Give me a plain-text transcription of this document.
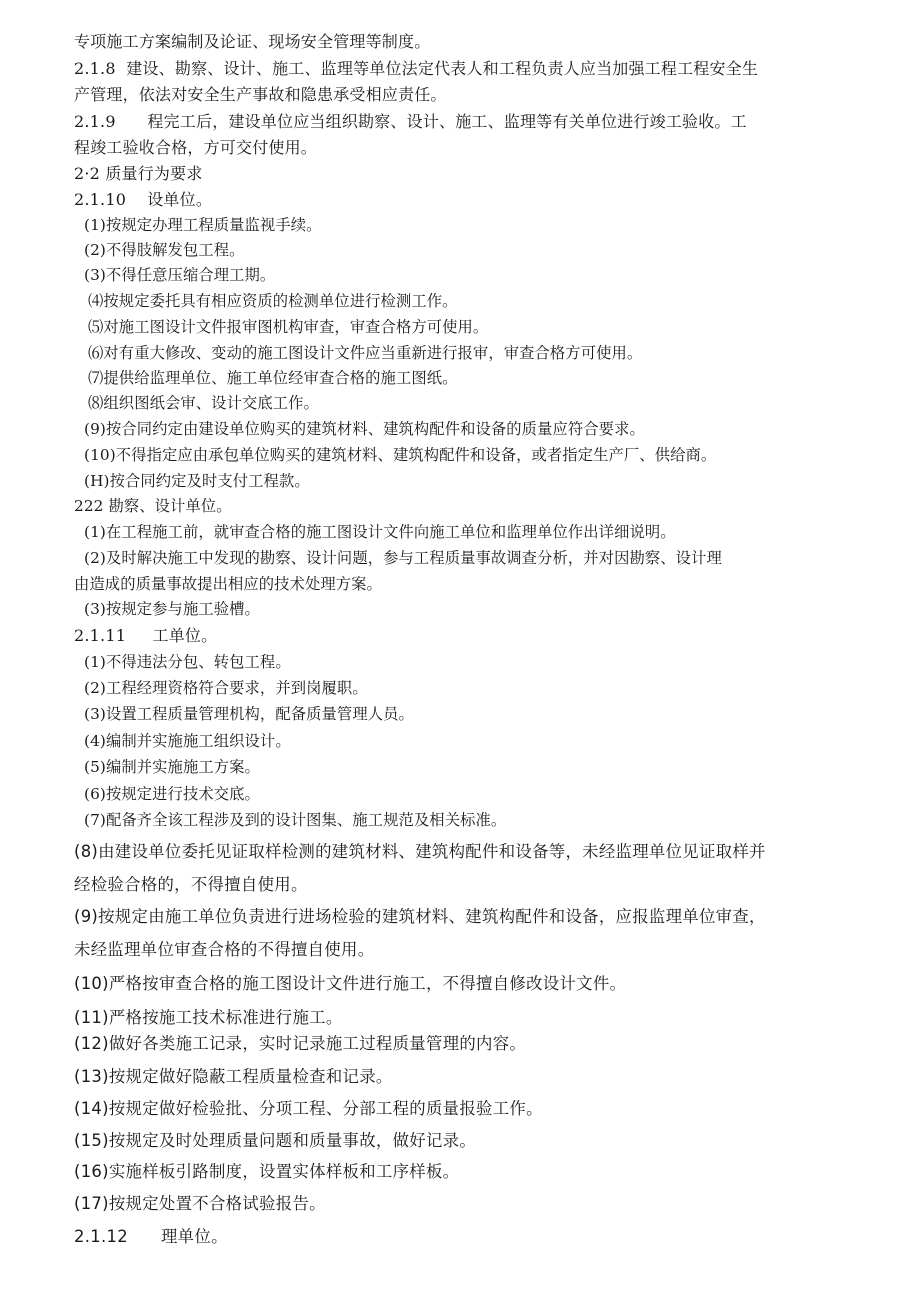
专项施工方案编制及论证、现场安全管理等制度。
2.1.8  建设、勘察、设计、施工、监理等单位法定代表人和工程负责人应当加强工程工程安全生
产管理，依法对安全生产事故和隐患承受相应责任。
2.1.9      程完工后，建设单位应当组织勘察、设计、施工、监理等有关单位进行竣工验收。工
程竣工验收合格，方可交付使用。
2·2 质量行为要求
2.1.10    设单位。
(1)按规定办理工程质量监视手续。
(2)不得肢解发包工程。
(3)不得任意压缩合理工期。
⑷按规定委托具有相应资质的检测单位进行检测工作。
⑸对施工图设计文件报审图机构审查，审查合格方可使用。
⑹对有重大修改、变动的施工图设计文件应当重新进行报审，审查合格方可使用。
⑺提供给监理单位、施工单位经审查合格的施工图纸。
⑻组织图纸会审、设计交底工作。
(9)按合同约定由建设单位购买的建筑材料、建筑构配件和设备的质量应符合要求。
(10)不得指定应由承包单位购买的建筑材料、建筑构配件和设备，或者指定生产厂、供给商。
(H)按合同约定及时支付工程款。
222 勘察、设计单位。
(1)在工程施工前，就审查合格的施工图设计文件向施工单位和监理单位作出详细说明。
(2)及时解决施工中发现的勘察、设计问题，参与工程质量事故调查分析，并对因勘察、设计理
由造成的质量事故提出相应的技术处理方案。
(3)按规定参与施工验槽。
2.1.11     工单位。
(1)不得违法分包、转包工程。
(2)工程经理资格符合要求，并到岗履职。
(3)设置工程质量管理机构，配备质量管理人员。
(4)编制并实施施工组织设计。
(5)编制并实施施工方案。
(6)按规定进行技术交底。
(7)配备齐全该工程涉及到的设计图集、施工规范及相关标准。
(8)由建设单位委托见证取样检测的建筑材料、建筑构配件和设备等，未经监理单位见证取样并
经检验合格的，不得擅自使用。
(9)按规定由施工单位负责进行进场检验的建筑材料、建筑构配件和设备，应报监理单位审查，
未经监理单位审查合格的不得擅自使用。
(10)严格按审查合格的施工图设计文件进行施工，不得擅自修改设计文件。
(11)严格按施工技术标准进行施工。
(12)做好各类施工记录，实时记录施工过程质量管理的内容。
(13)按规定做好隐蔽工程质量检查和记录。
(14)按规定做好检验批、分项工程、分部工程的质量报验工作。
(15)按规定及时处理质量问题和质量事故，做好记录。
(16)实施样板引路制度，设置实体样板和工序样板。
(17)按规定处置不合格试验报告。
2.1.12      理单位。
